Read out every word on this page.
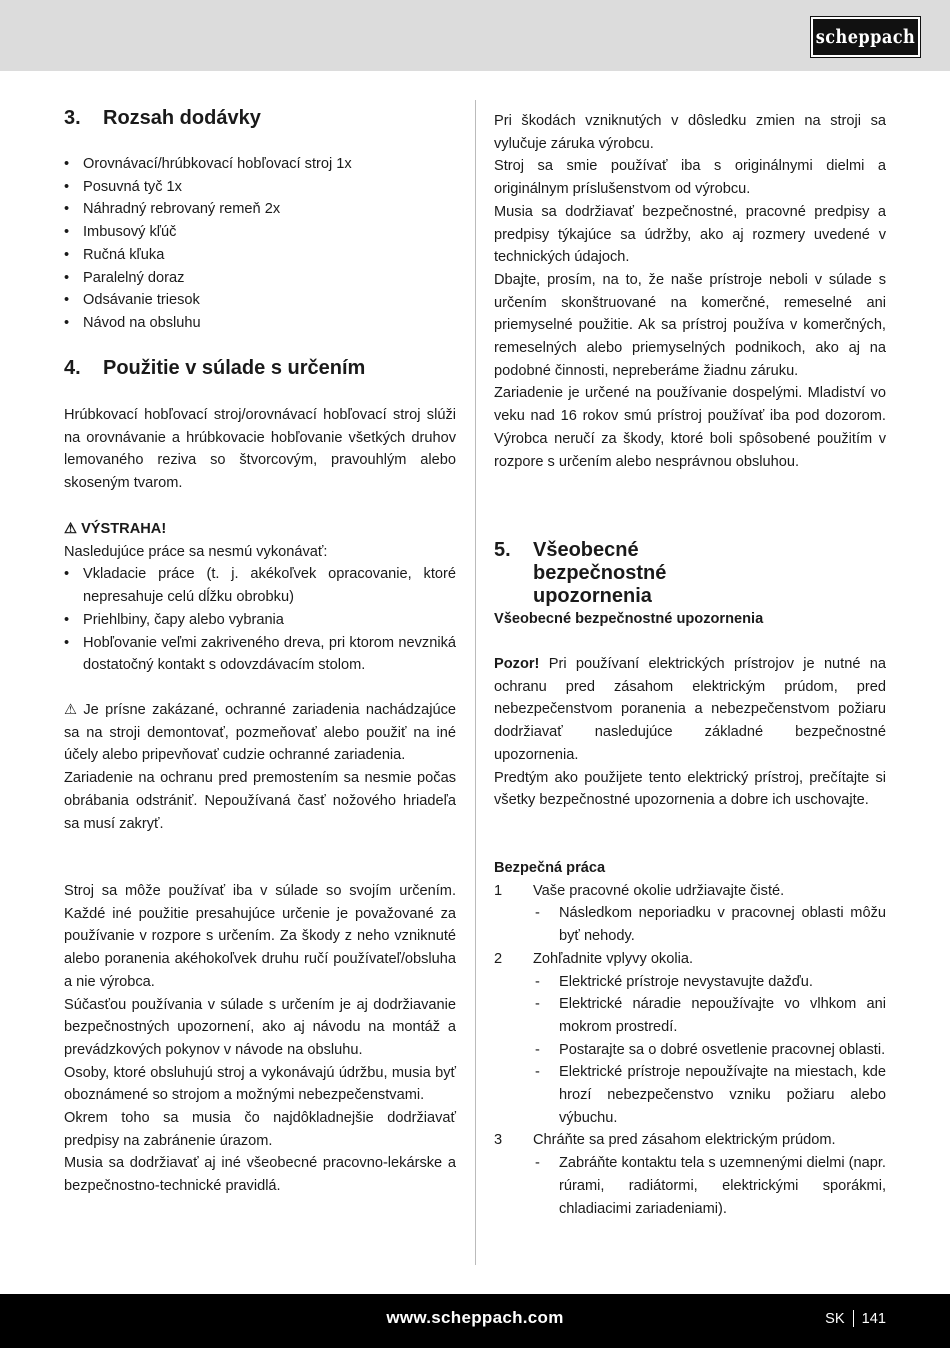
scheppach
3.	Rozsah dodávky
• Orovnávací/hrúbkovací hobľovací stroj 1x
• Posuvná tyč 1x
• Náhradný rebrovaný remeň 2x
• Imbusový kľúč
• Ručná kľuka
• Paralelný doraz
• Odsávanie triesok
• Návod na obsluhu
4.	Použitie v súlade s určením

Hrúbkovací hobľovací stroj/orovnávací hobľovací stroj slúži na orovnávanie a hrúbkovacie hobľovanie všetkých druhov lemovaného reziva so štvorcovým, pravouhlým alebo skoseným tvarom.

⚠ VÝSTRAHA!

Nasledujúce práce sa nesmú vykonávať:

• Vkladacie práce (t. j. akékoľvek opracovanie, ktoré nepresahuje celú dĺžku obrobku)
• Priehlbiny, čapy alebo vybrania
• Hobľovanie veľmi zakriveného dreva, pri ktorom nevzniká dostatočný kontakt s odovzdávacím stolom.

⚠ Je prísne zakázané, ochranné zariadenia nachádzajúce sa na stroji demontovať, pozmeňovať alebo použiť na iné účely alebo pripevňovať cudzie ochranné zariadenia.

Zariadenie na ochranu pred premostením sa nesmie počas obrábania odstrániť. Nepoužívaná časť nožového hriadeľa sa musí zakryť.

Stroj sa môže používať iba v súlade so svojím určením. Každé iné použitie presahujúce určenie je považované za používanie v rozpore s určením. Za škody z neho vzniknuté alebo poranenia akéhokoľvek druhu ručí používateľ/obsluha a nie výrobca.

Súčasťou používania v súlade s určením je aj dodržiavanie bezpečnostných upozornení, ako aj návodu na montáž a prevádzkových pokynov v návode na obsluhu.

Osoby, ktoré obsluhujú stroj a vykonávajú údržbu, musia byť oboznámené so strojom a možnými nebezpečenstvami.

Okrem toho sa musia čo najdôkladnejšie dodržiavať predpisy na zabránenie úrazom.

Musia sa dodržiavať aj iné všeobecné pracovno-lekárske a bezpečnostno-technické pravidlá.

Pri škodách vzniknutých v dôsledku zmien na stroji sa vylučuje záruka výrobcu.

Stroj sa smie používať iba s originálnymi dielmi a originálnym príslušenstvom od výrobcu.

Musia sa dodržiavať bezpečnostné, pracovné predpisy a predpisy týkajúce sa údržby, ako aj rozmery uvedené v technických údajoch.

Dbajte, prosím, na to, že naše prístroje neboli v súlade s určením skonštruované na komerčné, remeselné ani priemyselné použitie. Ak sa prístroj používa v komerčných, remeselných alebo priemyselných podnikoch, ako aj na podobné činnosti, nepreberáme žiadnu záruku.

Zariadenie je určené na používanie dospelými. Mladiství vo veku nad 16 rokov smú prístroj používať iba pod dozorom. Výrobca neručí za škody, ktoré boli spôsobené použitím v rozpore s určením alebo nesprávnou obsluhou.

5.	Všeobecné bezpečnostné upozornenia
Všeobecné bezpečnostné upozornenia

Pozor! Pri používaní elektrických prístrojov je nutné na ochranu pred zásahom elektrickým prúdom, pred nebezpečenstvom poranenia a nebezpečenstvom požiaru dodržiavať nasledujúce základné bezpečnostné upozornenia.

Predtým ako použijete tento elektrický prístroj, prečítajte si všetky bezpečnostné upozornenia a dobre ich uschovajte.

Bezpečná práca
1 Vaše pracovné okolie udržiavajte čisté.
- Následkom neporiadku v pracovnej oblasti môžu byť nehody.
2 Zohľadnite vplyvy okolia.
- Elektrické prístroje nevystavujte dažďu.
- Elektrické náradie nepoužívajte vo vlhkom ani mokrom prostredí.
- Postarajte sa o dobré osvetlenie pracovnej oblasti.
- Elektrické prístroje nepoužívajte na miestach, kde hrozí nebezpečenstvo vzniku požiaru alebo výbuchu.
3 Chráňte sa pred zásahom elektrickým prúdom.
- Zabráňte kontaktu tela s uzemnenými dielmi (napr. rúrami, radiátormi, elektrickými sporákmi, chladiacimi zariadeniami).
www.scheppach.com	SK 141
